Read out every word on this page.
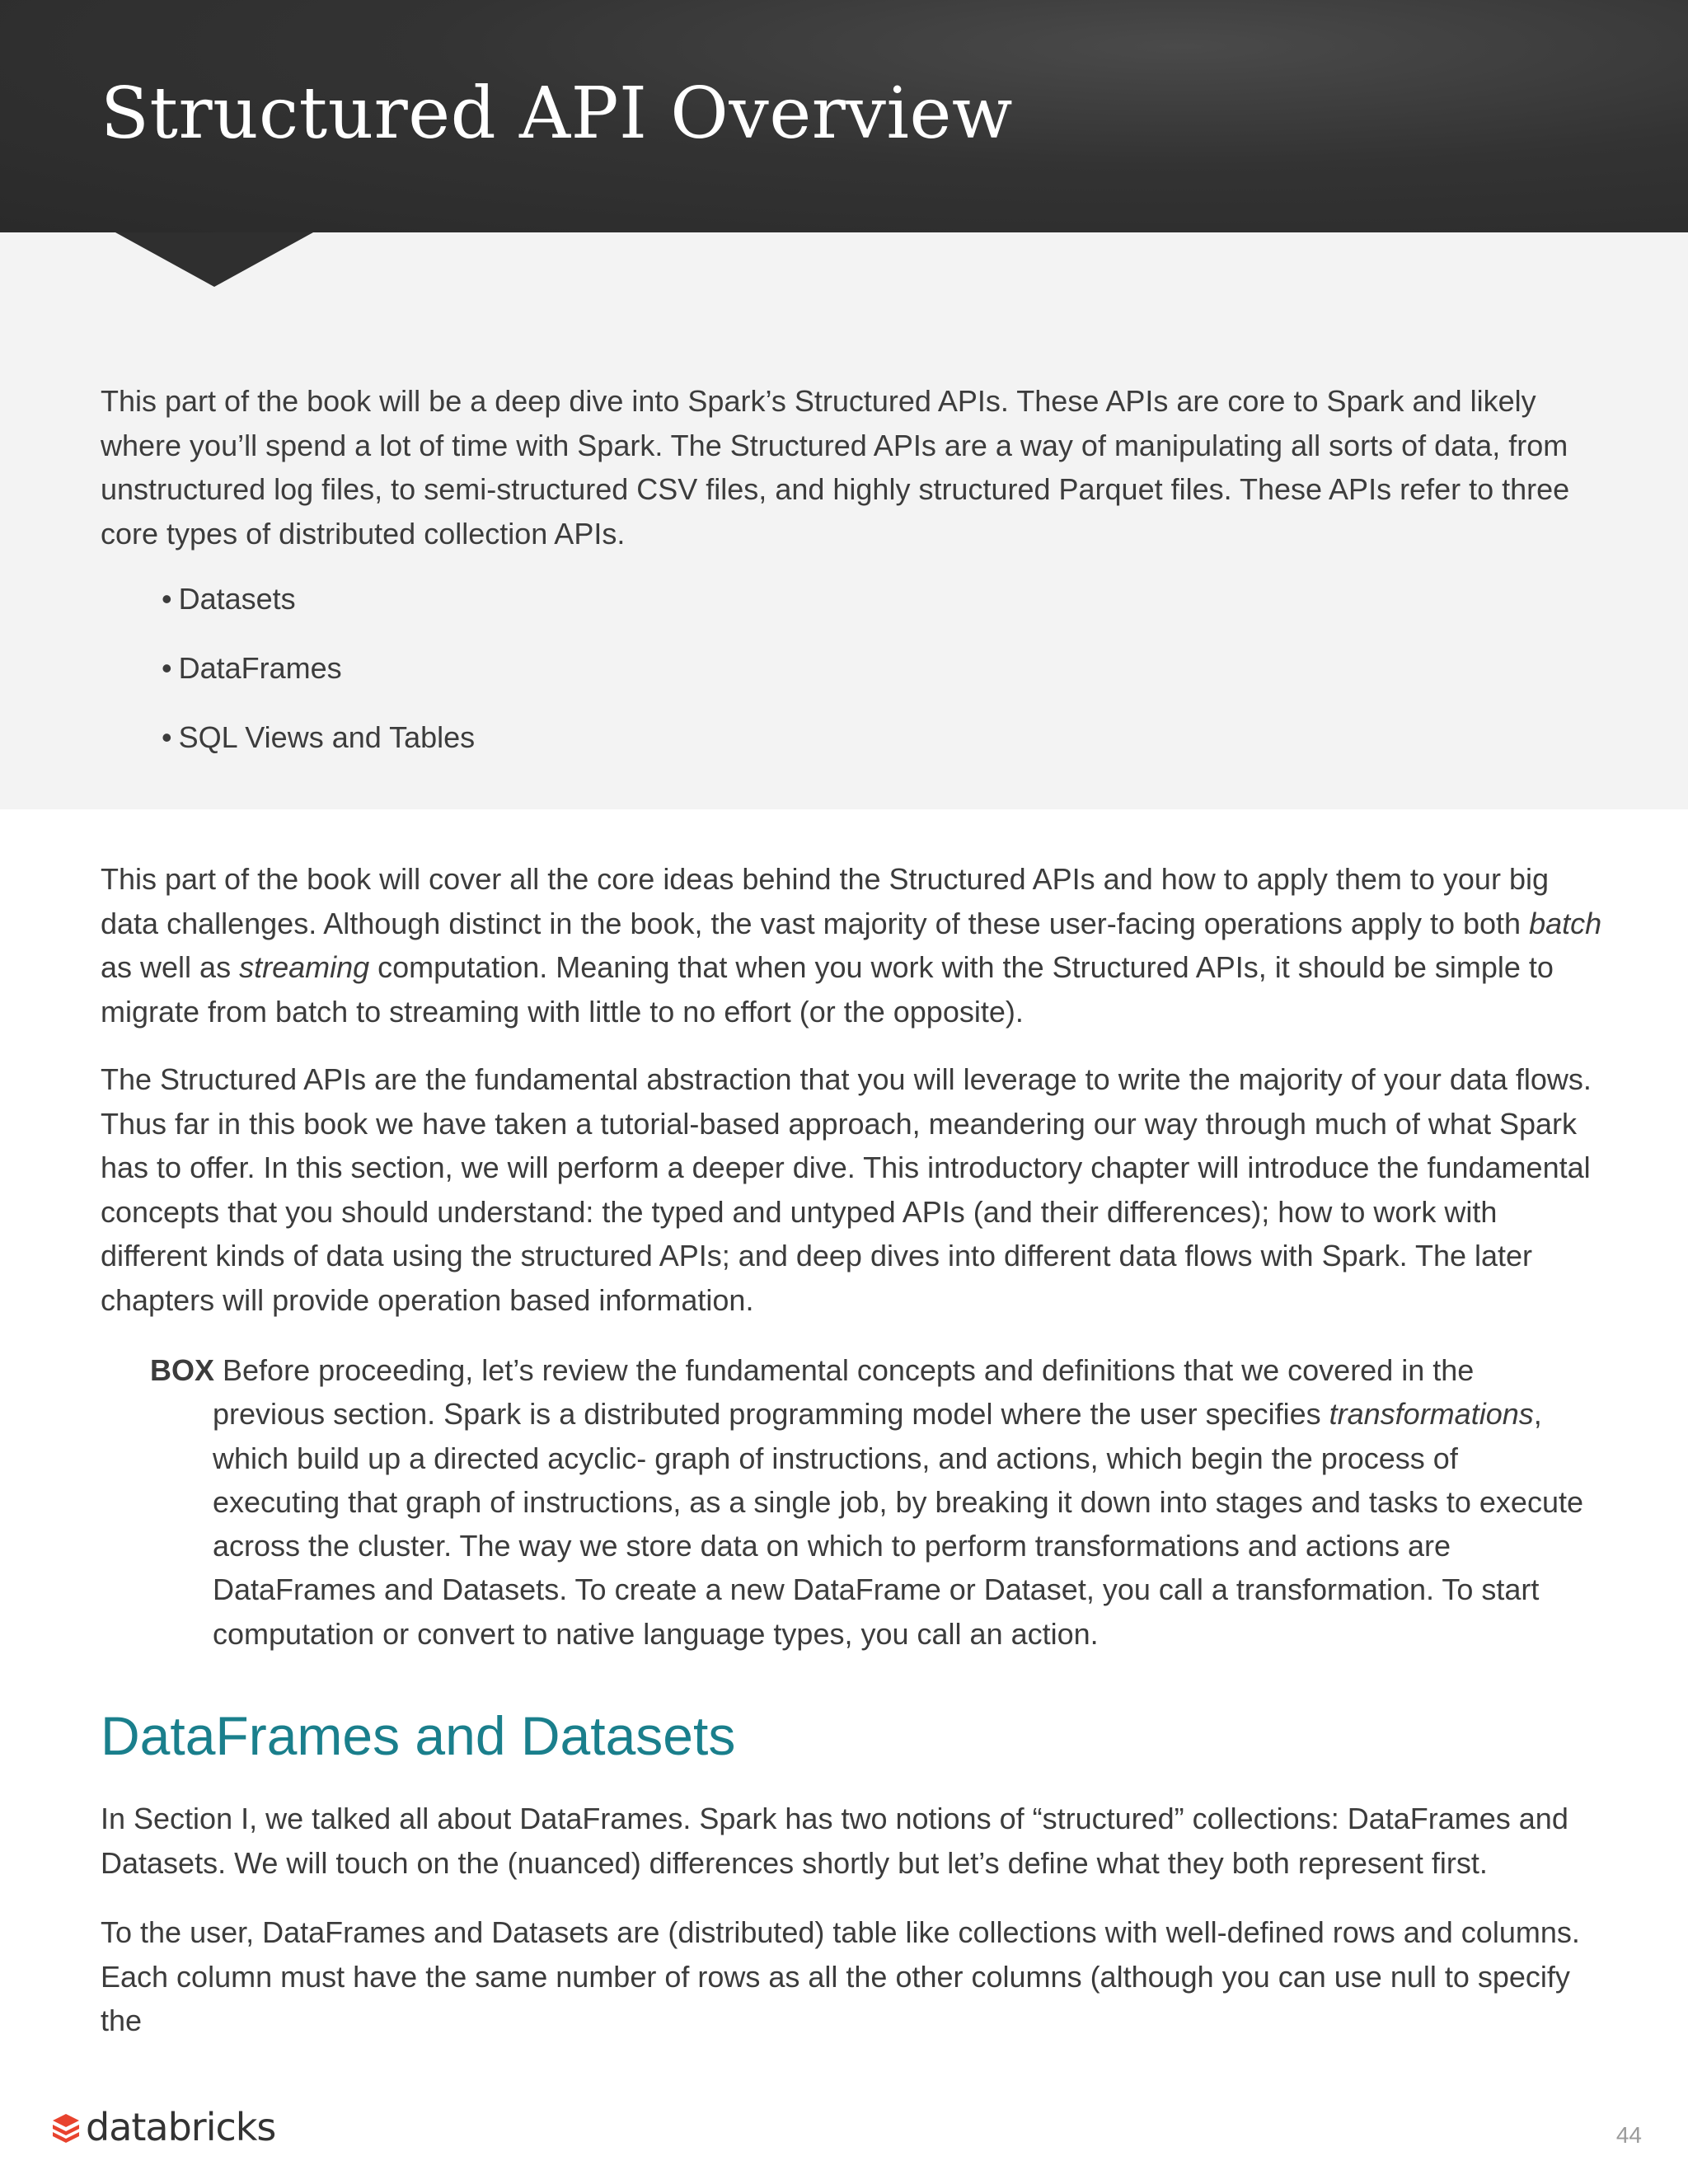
Structured API Overview

This part of the book will be a deep dive into Spark’s Structured APIs. These APIs are core to Spark and likely where you’ll spend a lot of time with Spark. The Structured APIs are a way of manipulating all sorts of data, from unstructured log files, to semi-structured CSV files, and highly structured Parquet files. These APIs refer to three core types of distributed collection APIs.

• Datasets
• DataFrames
• SQL Views and Tables

This part of the book will cover all the core ideas behind the Structured APIs and how to apply them to your big data challenges. Although distinct in the book, the vast majority of these user-facing operations apply to both batch as well as streaming computation. Meaning that when you work with the Structured APIs, it should be simple to migrate from batch to streaming with little to no effort (or the opposite).

The Structured APIs are the fundamental abstraction that you will leverage to write the majority of your data flows. Thus far in this book we have taken a tutorial-based approach, meandering our way through much of what Spark has to offer. In this section, we will perform a deeper dive. This introductory chapter will introduce the fundamental concepts that you should understand: the typed and untyped APIs (and their differences); how to work with different kinds of data using the structured APIs; and deep dives into different data flows with Spark. The later chapters will provide operation based information.

BOX Before proceeding, let’s review the fundamental concepts and definitions that we covered in the previous section. Spark is a distributed programming model where the user specifies transformations, which build up a directed acyclic- graph of instructions, and actions, which begin the process of executing that graph of instructions, as a single job, by breaking it down into stages and tasks to execute across the cluster. The way we store data on which to perform transformations and actions are DataFrames and Datasets. To create a new DataFrame or Dataset, you call a transformation. To start computation or convert to native language types, you call an action.

DataFrames and Datasets

In Section I, we talked all about DataFrames. Spark has two notions of “structured” collections: DataFrames and Datasets. We will touch on the (nuanced) differences shortly but let’s define what they both represent first.

To the user, DataFrames and Datasets are (distributed) table like collections with well-defined rows and columns. Each column must have the same number of rows as all the other columns (although you can use null to specify the

databricks	44
